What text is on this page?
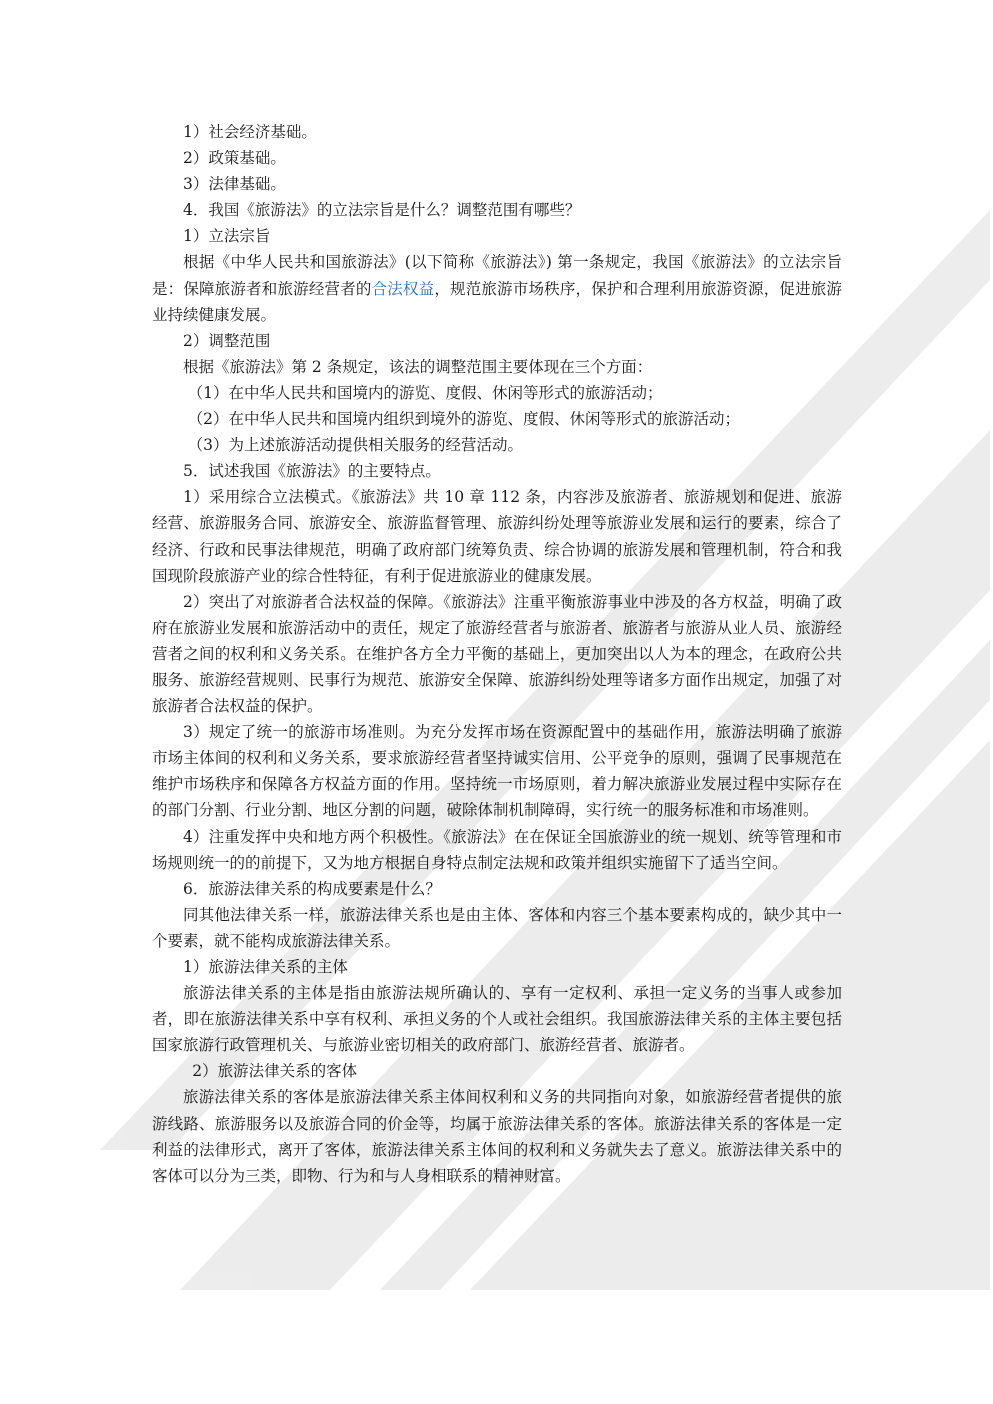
1）社会经济基础。

2）政策基础。

3）法律基础。

4．我国《旅游法》的立法宗旨是什么？调整范围有哪些？

1）立法宗旨

根据《中华人民共和国旅游法》(以下简称《旅游法》) 第一条规定，我国《旅游法》的立法宗旨是：保障旅游者和旅游经营者的合法权益，规范旅游市场秩序，保护和合理利用旅游资源，促进旅游业持续健康发展。

2）调整范围

根据《旅游法》第 2 条规定，该法的调整范围主要体现在三个方面：

（1）在中华人民共和国境内的游览、度假、休闲等形式的旅游活动；

（2）在中华人民共和国境内组织到境外的游览、度假、休闲等形式的旅游活动；

（3）为上述旅游活动提供相关服务的经营活动。

5．试述我国《旅游法》的主要特点。

1）采用综合立法模式。《旅游法》共 10 章 112 条，内容涉及旅游者、旅游规划和促进、旅游经营、旅游服务合同、旅游安全、旅游监督管理、旅游纠纷处理等旅游业发展和运行的要素，综合了经济、行政和民事法律规范，明确了政府部门统筹负责、综合协调的旅游发展和管理机制，符合和我国现阶段旅游产业的综合性特征，有利于促进旅游业的健康发展。

2）突出了对旅游者合法权益的保障。《旅游法》注重平衡旅游事业中涉及的各方权益，明确了政府在旅游业发展和旅游活动中的责任，规定了旅游经营者与旅游者、旅游者与旅游从业人员、旅游经营者之间的权利和义务关系。在维护各方全力平衡的基础上，更加突出以人为本的理念，在政府公共服务、旅游经营规则、民事行为规范、旅游安全保障、旅游纠纷处理等诸多方面作出规定，加强了对旅游者合法权益的保护。

3）规定了统一的旅游市场准则。为充分发挥市场在资源配置中的基础作用，旅游法明确了旅游市场主体间的权利和义务关系，要求旅游经营者坚持诚实信用、公平竞争的原则，强调了民事规范在维护市场秩序和保障各方权益方面的作用。坚持统一市场原则，着力解决旅游业发展过程中实际存在的部门分割、行业分割、地区分割的问题，破除体制机制障碍，实行统一的服务标准和市场准则。

4）注重发挥中央和地方两个积极性。《旅游法》在在保证全国旅游业的统一规划、统等管理和市场规则统一的的前提下，又为地方根据自身特点制定法规和政策并组织实施留下了适当空间。

6．旅游法律关系的构成要素是什么？

同其他法律关系一样，旅游法律关系也是由主体、客体和内容三个基本要素构成的，缺少其中一个要素，就不能构成旅游法律关系。

1）旅游法律关系的主体

旅游法律关系的主体是指由旅游法规所确认的、享有一定权利、承担一定义务的当事人或参加者，即在旅游法律关系中享有权利、承担义务的个人或社会组织。我国旅游法律关系的主体主要包括国家旅游行政管理机关、与旅游业密切相关的政府部门、旅游经营者、旅游者。

2）旅游法律关系的客体

旅游法律关系的客体是旅游法律关系主体间权利和义务的共同指向对象，如旅游经营者提供的旅游线路、旅游服务以及旅游合同的价金等，均属于旅游法律关系的客体。旅游法律关系的客体是一定利益的法律形式，离开了客体，旅游法律关系主体间的权利和义务就失去了意义。旅游法律关系中的客体可以分为三类，即物、行为和与人身相联系的精神财富。
